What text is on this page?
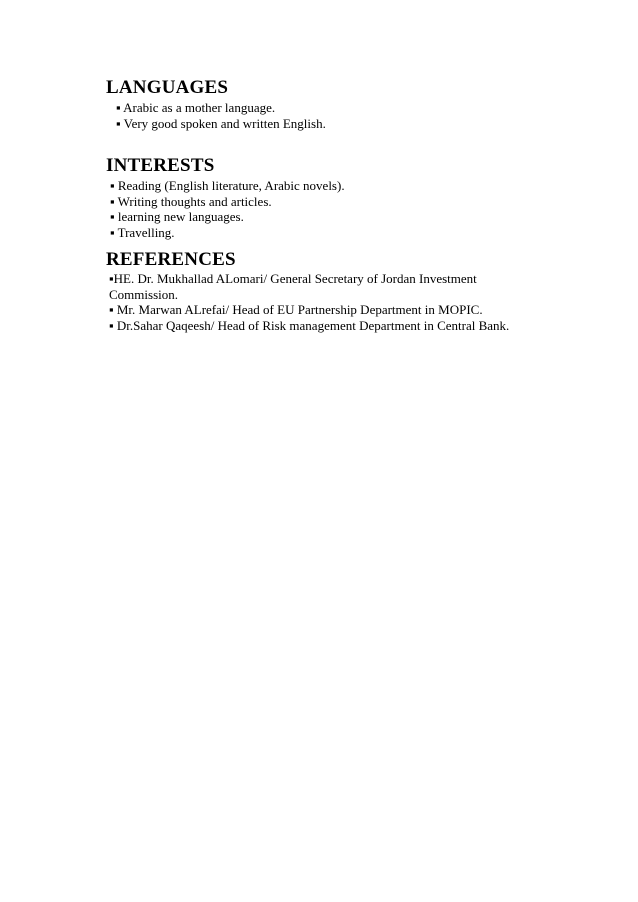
LANGUAGES
▪ Arabic as a mother language.
▪ Very good spoken and written English.
INTERESTS
▪ Reading (English literature, Arabic novels).
▪ Writing thoughts and articles.
▪ learning new languages.
▪ Travelling.
REFERENCES
▪HE. Dr. Mukhallad ALomari/ General Secretary of Jordan Investment Commission.
▪ Mr. Marwan ALrefai/ Head of EU Partnership Department in MOPIC.
▪ Dr.Sahar Qaqeesh/ Head of Risk management Department in Central Bank.
